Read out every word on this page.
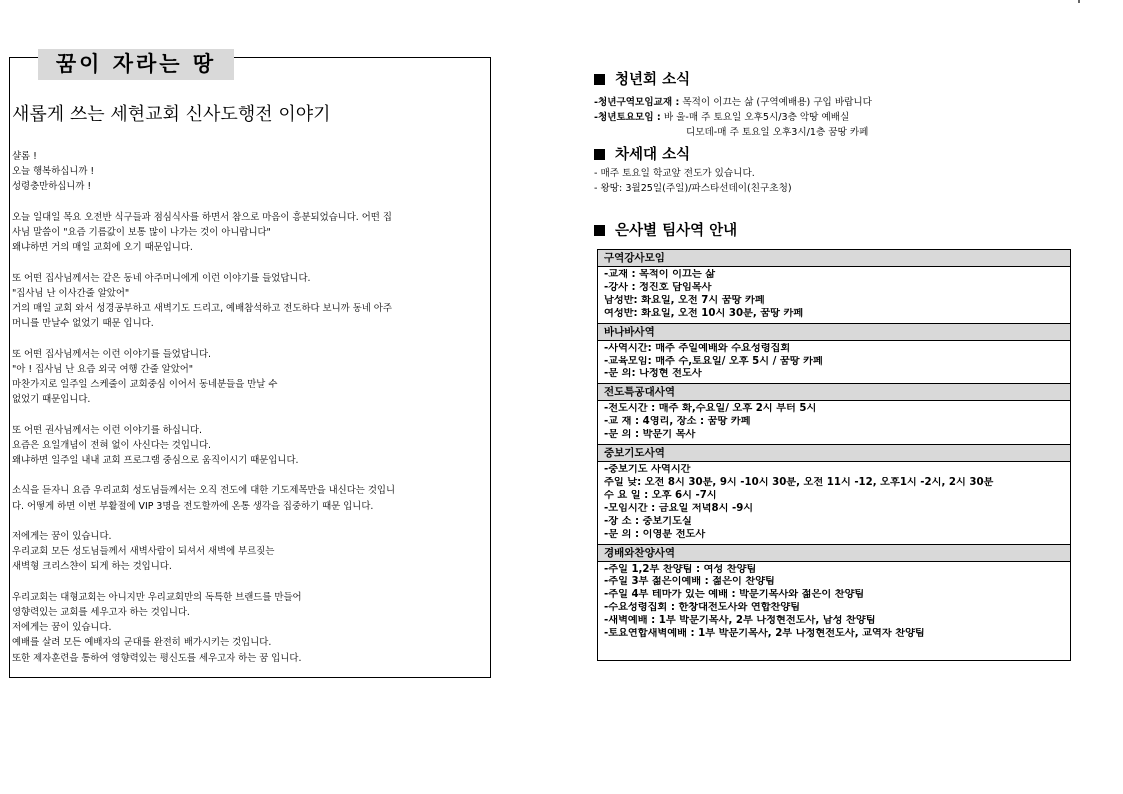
꿈이 자라는 땅
새롭게 쓰는 세현교회 신사도행전 이야기
샬롬 !
오늘 행복하십니까 !
성령충만하십니까 !
오늘 일대일 목요 오전반 식구들과 점심식사를 하면서 참으로 마음이 흥분되었습니다. 어떤 집
사님 말씀이 "요즘 기름값이 보통 많이 나가는 것이 아니랍니다"
왜냐하면 거의 매일 교회에 오기 때문입니다.
또 어떤 집사님께서는 같은 동네 아주머니에게 이런 이야기를 들었답니다.
"집사님 난 이사간줄 알았어"
거의 매일 교회 와서 성경공부하고 새벽기도 드리고, 예배참석하고 전도하다 보니까 동네 아주
머니를 만날수 없었기 때문 입니다.
또 어떤 집사님께서는 이런 이야기를 들었답니다.
"아 ! 집사님 난 요즘 외국 여행 간줄 알았어"
마찬가지로 일주일 스케줄이 교회중심 이어서 동네분들을 만날 수
없었기 때문입니다.
또 어떤 권사님께서는 이런 이야기를 하십니다.
요즘은 요일개념이 전혀 없이 사신다는 것입니다.
왜냐하면 일주일 내내 교회 프로그램 중심으로 움직이시기 때문입니다.
소식을 듣자니 요즘 우리교회 성도님들께서는 오직 전도에 대한 기도제목만을 내신다는 것입니
다. 어떻게 하면 이번 부활절에 VIP 3명을 전도할까에 온통 생각을 집중하기 때문 입니다.
저에게는 꿈이 있습니다.
우리교회 모든 성도님들께서 새벽사람이 되셔서 새벽에 부르짖는
새벽형 크리스챤이 되게 하는 것입니다.
우리교회는 대형교회는 아니지만 우리교회만의 독특한 브랜드를 만들어
영향력있는 교회를 세우고자 하는 것입니다.
저에게는 꿈이 있습니다.
예배를 살려 모든 예배자의 군대를 완전히 배가시키는 것입니다.
또한 제자훈련을 통하여 영향력있는 평신도를 세우고자 하는 꿈 입니다.
청년회 소식
-청년구역모임교재 : 목적이 이끄는 삶 (구역예배용) 구입 바랍니다
-청년토요모임 : 바 울-매 주 토요일 오후5시/3층 악땅 예배실
디모데-매 주 토요일 오후3시/1층 꿈땅 카페
차세대 소식
- 매주 토요일 학교앞 전도가 있습니다.
- 왕땅: 3월25일(주일)/파스타선데이(친구초청)
은사별 팀사역 안내
구역강사모임
-교재 : 목적이 이끄는 삶
-강사 : 정진호 담임목사
남성반: 화요일, 오전 7시 꿈땅 카페
여성반: 화요일, 오전 10시 30분, 꿈땅 카페
바나바사역
-사역시간: 매주 주일예배와 수요성령집회
-교육모임: 매주 수,토요일/ 오후 5시 / 꿈땅 카페
-문 의: 나정현 전도사
전도특공대사역
-전도시간 : 매주 화,수요일/ 오후 2시 부터 5시
-교 재 : 4영리, 장소 : 꿈땅 카페
-문 의 : 박문기 목사
중보기도사역
-중보기도 사역시간
주일 낮: 오전 8시 30분, 9시 -10시 30분, 오전 11시 -12, 오후1시 -2시, 2시 30분
수 요 일 : 오후 6시 -7시
-모임시간 : 금요일 저녁8시 -9시
-장 소 : 중보기도실
-문 의 : 이영분 전도사
경배와찬양사역
-주일 1,2부 찬양팀 : 여성 찬양팀
-주일 3부 젊은이예배 : 젊은이 찬양팀
-주일 4부 테마가 있는 예배 : 박문기목사와 젊은이 찬양팀
-수요성령집회 : 한창대전도사와 연합찬양팀
-새벽예배 : 1부 박문기목사, 2부 나정현전도사, 남성 찬양팀
-토요연합새벽예배 : 1부 박문기목사, 2부 나정현전도사, 교역자 찬양팀
